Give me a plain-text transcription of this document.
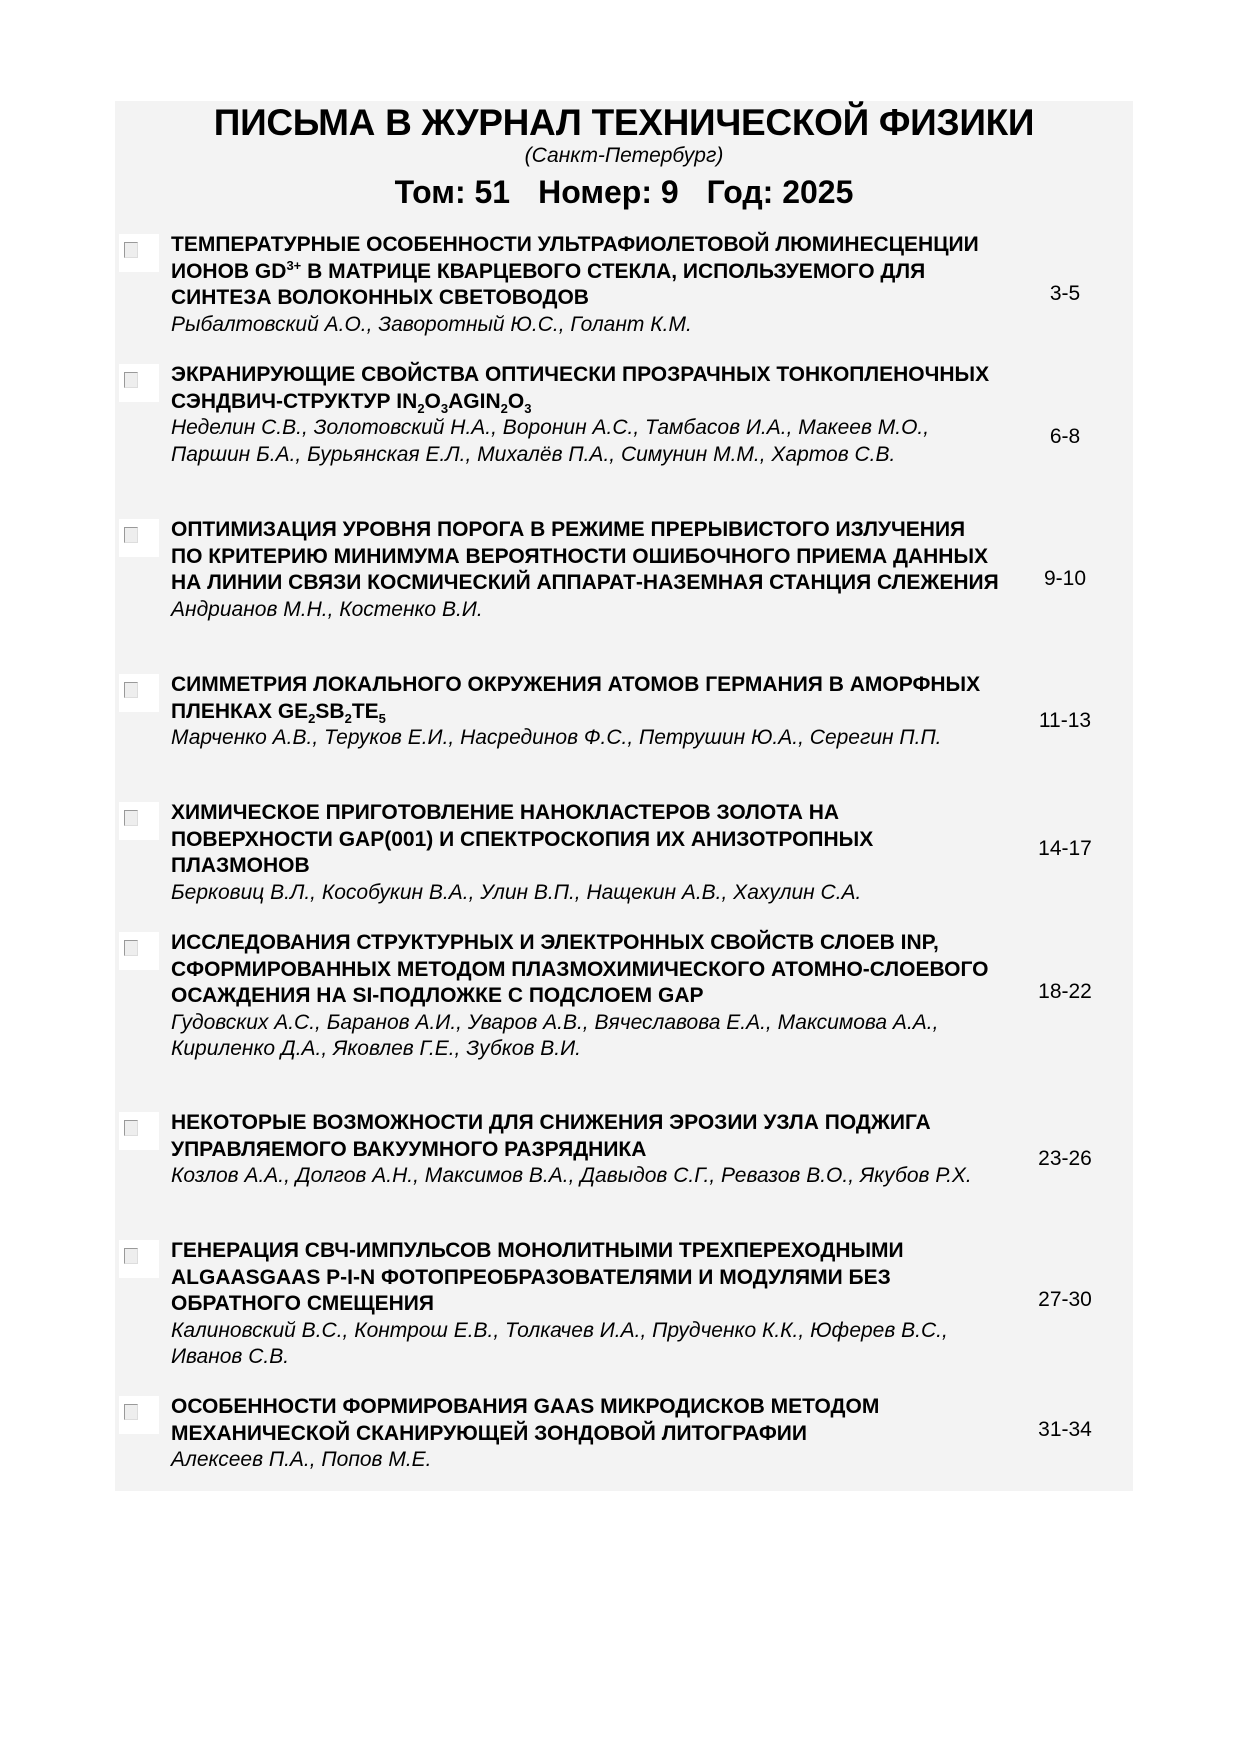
ПИСЬМА В ЖУРНАЛ ТЕХНИЧЕСКОЙ ФИЗИКИ
(Санкт-Петербург)
Том: 51 Номер: 9 Год: 2025
ТЕМПЕРАТУРНЫЕ ОСОБЕННОСТИ УЛЬТРАФИОЛЕТОВОЙ ЛЮМИНЕСЦЕНЦИИ ИОНОВ $GD^{3+}$ В МАТРИЦЕ КВАРЦЕВОГО СТЕКЛА, ИСПОЛЬЗУЕМОГО ДЛЯ СИНТЕЗА ВОЛОКОННЫХ СВЕТОВОДОВ
Рыбалтовский А.О., Заворотный Ю.С., Голант К.М.
3-5
ЭКРАНИРУЮЩИЕ СВОЙСТВА ОПТИЧЕСКИ ПРОЗРАЧНЫХ ТОНКОПЛЕНОЧНЫХ СЭНДВИЧ-СТРУКТУР $IN_2O_3AGIN_2O_3$
Неделин С.В., Золотовский Н.А., Воронин А.С., Тамбасов И.А., Макеев М.О., Паршин Б.А., Бурьянская Е.Л., Михалёв П.А., Симунин М.М., Хартов С.В.
6-8
ОПТИМИЗАЦИЯ УРОВНЯ ПОРОГА В РЕЖИМЕ ПРЕРЫВИСТОГО ИЗЛУЧЕНИЯ ПО КРИТЕРИЮ МИНИМУМА ВЕРОЯТНОСТИ ОШИБОЧНОГО ПРИЕМА ДАННЫХ НА ЛИНИИ СВЯЗИ КОСМИЧЕСКИЙ АППАРАТ-НАЗЕМНАЯ СТАНЦИЯ СЛЕЖЕНИЯ
Андрианов М.Н., Костенко В.И.
9-10
СИММЕТРИЯ ЛОКАЛЬНОГО ОКРУЖЕНИЯ АТОМОВ ГЕРМАНИЯ В АМОРФНЫХ ПЛЕНКАХ $GE_2SB_2TE_5$
Марченко А.В., Теруков Е.И., Насрединов Ф.С., Петрушин Ю.А., Серегин П.П.
11-13
ХИМИЧЕСКОЕ ПРИГОТОВЛЕНИЕ НАНОКЛАСТЕРОВ ЗОЛОТА НА ПОВЕРХНОСТИ GAP(001) И СПЕКТРОСКОПИЯ ИХ АНИЗОТРОПНЫХ ПЛАЗМОНОВ
Берковиц В.Л., Кособукин В.А., Улин В.П., Нащекин А.В., Хахулин С.А.
14-17
ИССЛЕДОВАНИЯ СТРУКТУРНЫХ И ЭЛЕКТРОННЫХ СВОЙСТВ СЛОЕВ INP, СФОРМИРОВАННЫХ МЕТОДОМ ПЛАЗМОХИМИЧЕСКОГО АТОМНО-СЛОЕВОГО ОСАЖДЕНИЯ НА SI-ПОДЛОЖКЕ С ПОДСЛОЕМ GAP
Гудовских А.С., Баранов А.И., Уваров А.В., Вячеславова Е.А., Максимова А.А., Кириленко Д.А., Яковлев Г.Е., Зубков В.И.
18-22
НЕКОТОРЫЕ ВОЗМОЖНОСТИ ДЛЯ СНИЖЕНИЯ ЭРОЗИИ УЗЛА ПОДЖИГА УПРАВЛЯЕМОГО ВАКУУМНОГО РАЗРЯДНИКА
Козлов А.А., Долгов А.Н., Максимов В.А., Давыдов С.Г., Ревазов В.О., Якубов Р.Х.
23-26
ГЕНЕРАЦИЯ СВЧ-ИМПУЛЬСОВ МОНОЛИТНЫМИ ТРЕХПЕРЕХОДНЫМИ ALGAASGAAS P-I-N ФОТОПРЕОБРАЗОВАТЕЛЯМИ И МОДУЛЯМИ БЕЗ ОБРАТНОГО СМЕЩЕНИЯ
Калиновский В.С., Контрош Е.В., Толкачев И.А., Прудченко К.К., Юферев В.С., Иванов С.В.
27-30
ОСОБЕННОСТИ ФОРМИРОВАНИЯ GAAS МИКРОДИСКОВ МЕТОДОМ МЕХАНИЧЕСКОЙ СКАНИРУЮЩЕЙ ЗОНДОВОЙ ЛИТОГРАФИИ
Алексеев П.А., Попов М.Е.
31-34
